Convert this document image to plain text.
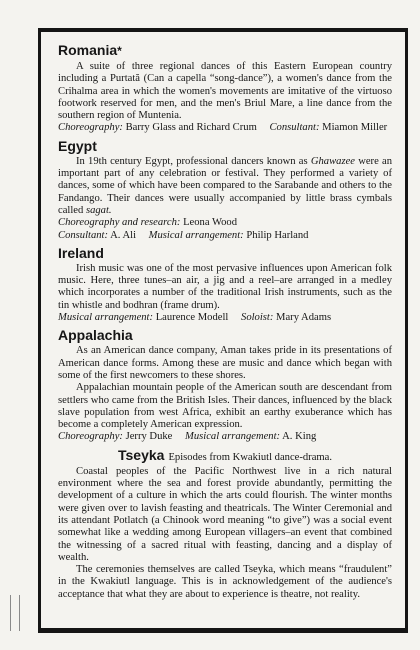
Romania*

A suite of three regional dances of this Eastern European country including a Purtată (Can a capella “song-dance”), a women's dance from the Crihalma area in which the women's movements are imitative of the virtuoso footwork reserved for men, and the men's Briul Mare, a line dance from the southern region of Muntenia.

Choreography: Barry Glass and Richard Crum Consultant: Miamon Miller

Egypt

In 19th century Egypt, professional dancers known as Ghawazee were an important part of any celebration or festival. They performed a variety of dances, some of which have been compared to the Sarabande and others to the Fandango. Their dances were usually accompanied by little brass cymbals called sagat.

Choreography and research: Leona Wood

Consultant: A. Ali Musical arrangement: Philip Harland

Ireland

Irish music was one of the most pervasive influences upon American folk music. Here, three tunes–an air, a jig and a reel–are arranged in a medley which incorporates a number of the traditional Irish instruments, such as the tin whistle and bodhran (frame drum).

Musical arrangement: Laurence Modell Soloist: Mary Adams

Appalachia

As an American dance company, Aman takes pride in its presentations of American dance forms. Among these are music and dance which began with some of the first newcomers to these shores.

Appalachian mountain people of the American south are descendant from settlers who came from the British Isles. Their dances, influenced by the black slave population from west Africa, exhibit an earthy exuberance which has become a completely American expression.

Choreography: Jerry Duke Musical arrangement: A. King

Tseyka Episodes from Kwakiutl dance-drama.

Coastal peoples of the Pacific Northwest live in a rich natural environment where the sea and forest provide abundantly, permitting the development of a culture in which the arts could flourish. The winter months were given over to lavish feasting and theatricals. The Winter Ceremonial and its attendant Potlatch (a Chinook word meaning “to give”) was a social event somewhat like a wedding among European villagers–an event that combined the witnessing of a sacred ritual with feasting, dancing and a display of wealth.

The ceremonies themselves are called Tseyka, which means “fraudulent” in the Kwakiutl language. This is in acknowledgement of the audience's acceptance that what they are about to experience is theatre, not reality.
